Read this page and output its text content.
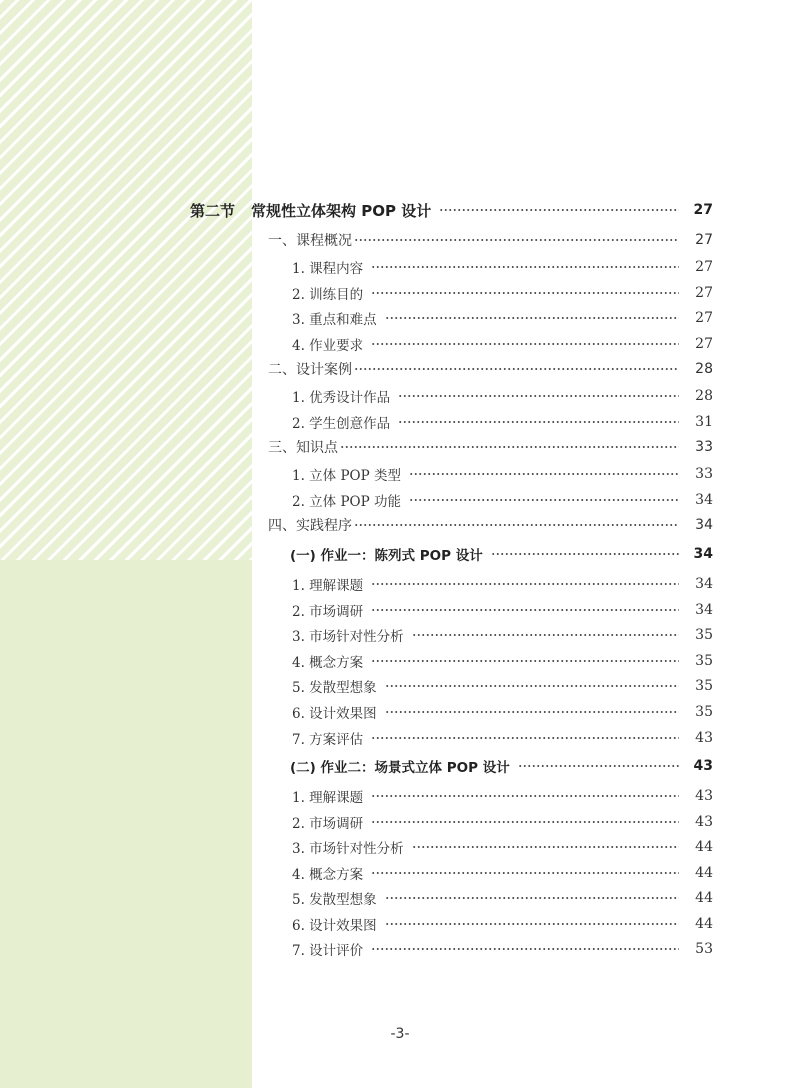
第二节 常规性立体架构 POP 设计	27
一、课程概况	27
1. 课程内容	27
2. 训练目的	27
3. 重点和难点	27
4. 作业要求	27
二、设计案例	28
1. 优秀设计作品	28
2. 学生创意作品	31
三、知识点	33
1. 立体 POP 类型	33
2. 立体 POP 功能	34
四、实践程序	34
(一) 作业一：陈列式 POP 设计	34
1. 理解课题	34
2. 市场调研	34
3. 市场针对性分析	35
4. 概念方案	35
5. 发散型想象	35
6. 设计效果图	35
7. 方案评估	43
(二) 作业二：场景式立体 POP 设计	43
1. 理解课题	43
2. 市场调研	43
3. 市场针对性分析	44
4. 概念方案	44
5. 发散型想象	44
6. 设计效果图	44
7. 设计评价	53
-3-
